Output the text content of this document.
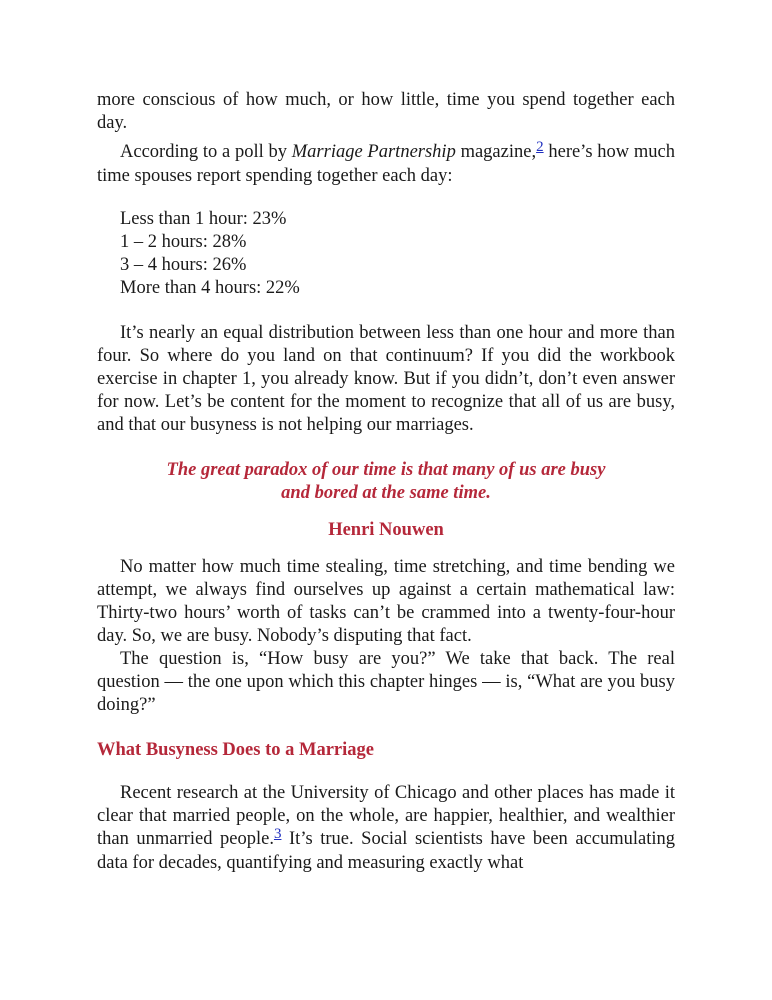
more conscious of how much, or how little, time you spend together each day.

According to a poll by Marriage Partnership magazine,$^2$ here’s how much time spouses report spending together each day:

Less than 1 hour: 23%
1 – 2 hours: 28%
3 – 4 hours: 26%
More than 4 hours: 22%

It’s nearly an equal distribution between less than one hour and more than four. So where do you land on that continuum? If you did the workbook exercise in chapter 1, you already know. But if you didn’t, don’t even answer for now. Let’s be content for the moment to recognize that all of us are busy, and that our busyness is not helping our marriages.

The great paradox of our time is that many of us are busy
and bored at the same time.
Henri Nouwen

No matter how much time stealing, time stretching, and time bending we attempt, we always find ourselves up against a certain mathematical law: Thirty-two hours’ worth of tasks can’t be crammed into a twenty-four-hour day. So, we are busy. Nobody’s disputing that fact.

The question is, “How busy are you?” We take that back. The real question — the one upon which this chapter hinges — is, “What are you busy doing?”

What Busyness Does to a Marriage

Recent research at the University of Chicago and other places has made it clear that married people, on the whole, are happier, healthier, and wealthier than unmarried people.$^3$ It’s true. Social scientists have been accumulating data for decades, quantifying and measuring exactly what
